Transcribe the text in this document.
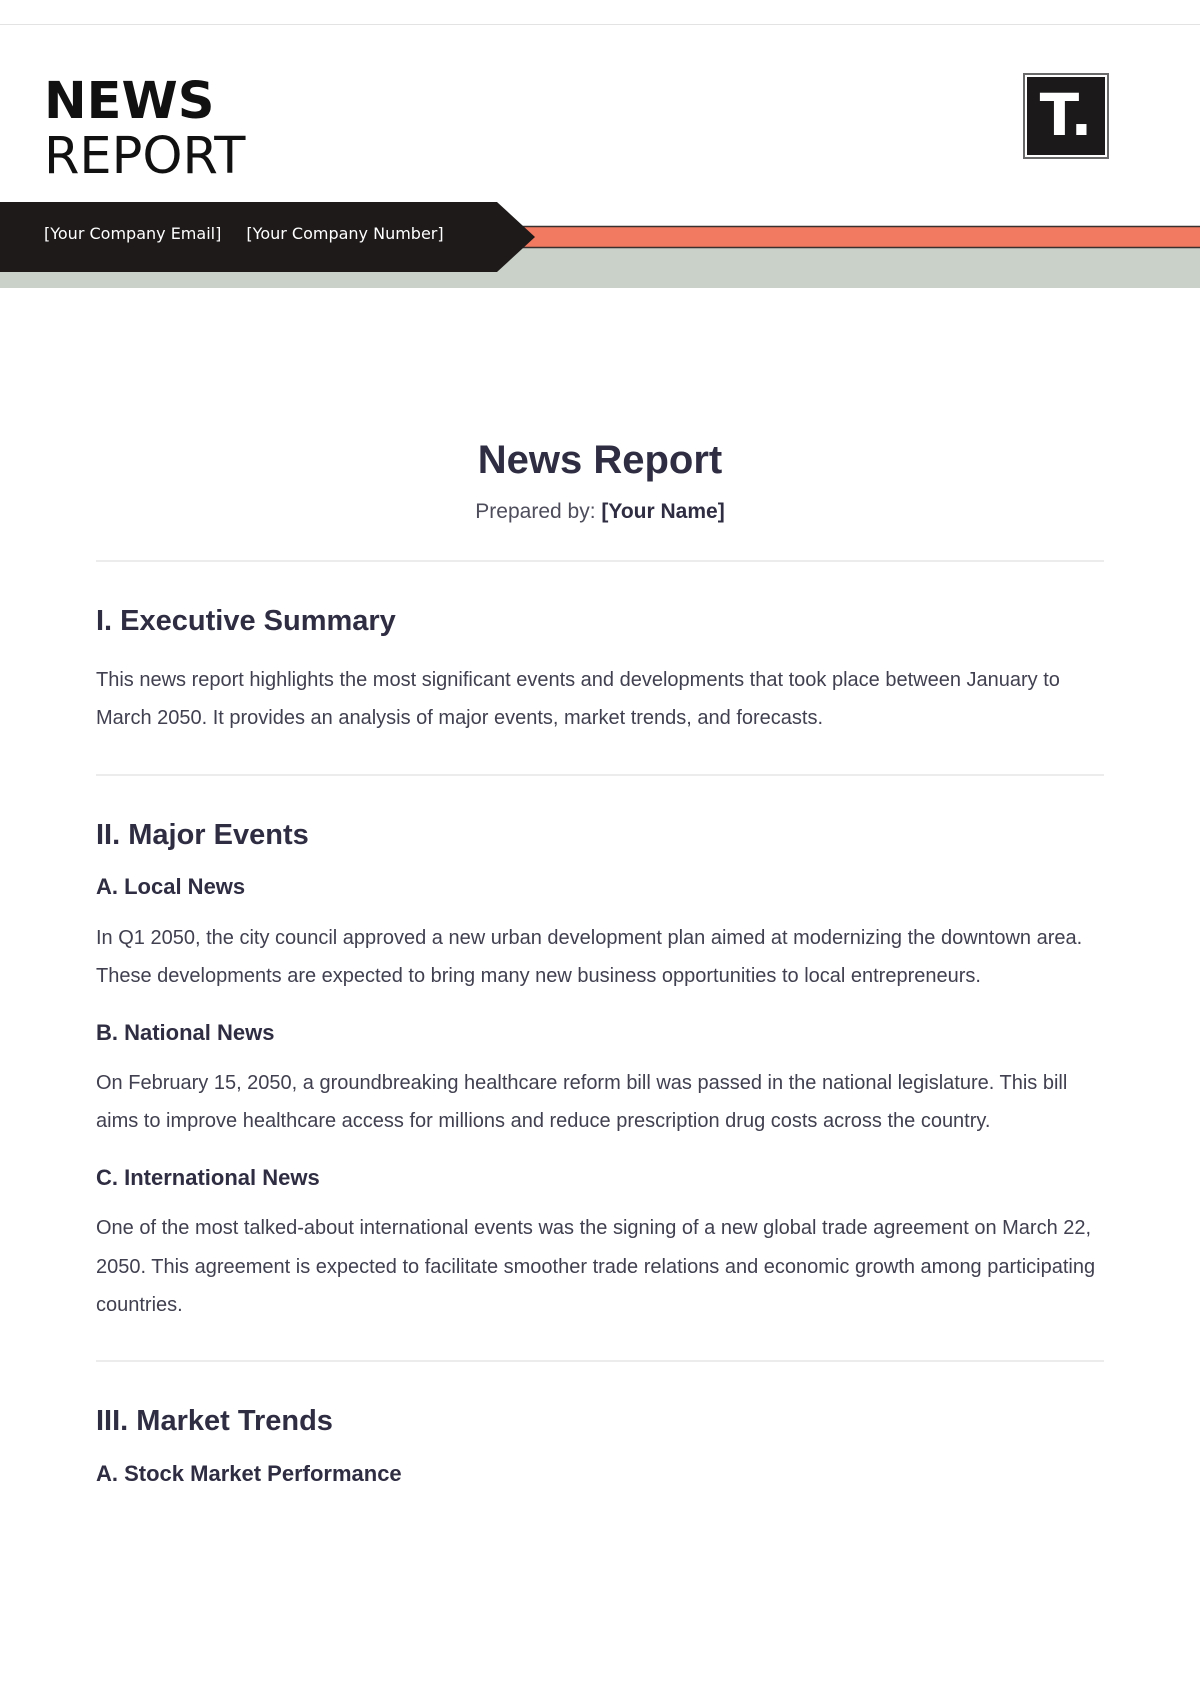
NEWS
REPORT
T.
[Your Company Email] [Your Company Number]
News Report
Prepared by: [Your Name]
I. Executive Summary

This news report highlights the most significant events and developments that took place between January to March 2050. It provides an analysis of major events, market trends, and forecasts.

II. Major Events
A. Local News

In Q1 2050, the city council approved a new urban development plan aimed at modernizing the downtown area. These developments are expected to bring many new business opportunities to local entrepreneurs.

B. National News

On February 15, 2050, a groundbreaking healthcare reform bill was passed in the national legislature. This bill aims to improve healthcare access for millions and reduce prescription drug costs across the country.

C. International News

One of the most talked-about international events was the signing of a new global trade agreement on March 22, 2050. This agreement is expected to facilitate smoother trade relations and economic growth among participating countries.

III. Market Trends
A. Stock Market Performance
